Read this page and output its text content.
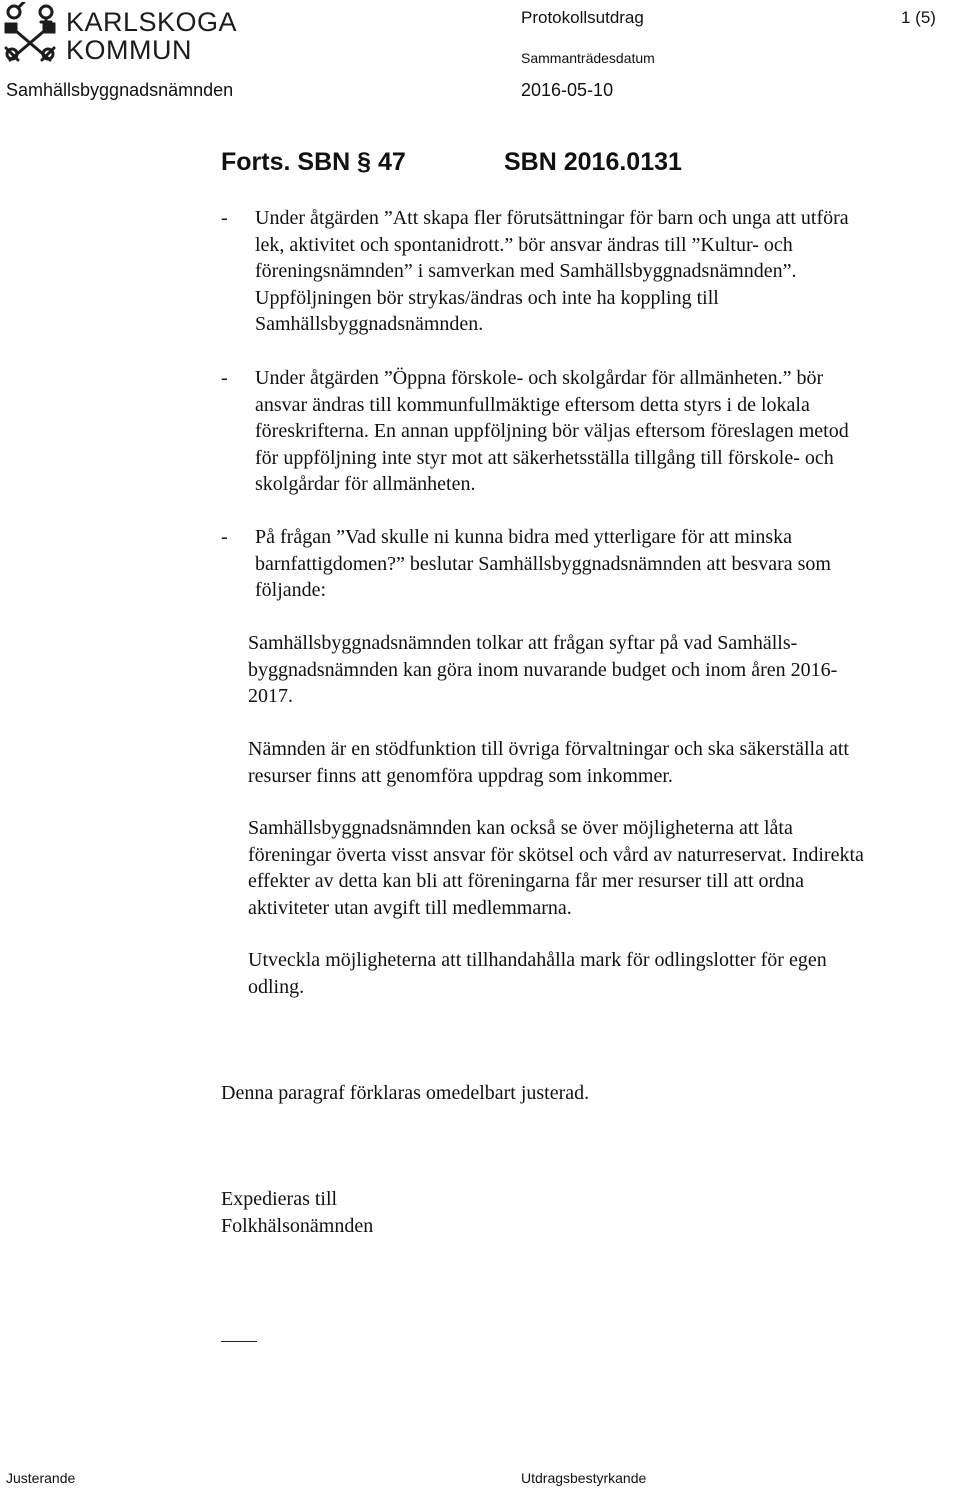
KARLSKOGA
KOMMUN
Protokollsutdrag	1 (5)
Sammanträdesdatum
Samhällsbyggnadsnämnden	2016-05-10
Forts. SBN § 47	SBN 2016.0131
-	Under åtgärden ”Att skapa fler förutsättningar för barn och unga att utföra
lek, aktivitet och spontanidrott.” bör ansvar ändras till ”Kultur- och
föreningsnämnden” i samverkan med Samhällsbyggnadsnämnden”.
Uppföljningen bör strykas/ändras och inte ha koppling till
Samhällsbyggnadsnämnden.
-	Under åtgärden ”Öppna förskole- och skolgårdar för allmänheten.” bör
ansvar ändras till kommunfullmäktige eftersom detta styrs i de lokala
föreskrifterna. En annan uppföljning bör väljas eftersom föreslagen metod
för uppföljning inte styr mot att säkerhetsställa tillgång till förskole- och
skolgårdar för allmänheten.
-	På frågan ”Vad skulle ni kunna bidra med ytterligare för att minska
barnfattigdomen?” beslutar Samhällsbyggnadsnämnden att besvara som
följande:
Samhällsbyggnadsnämnden tolkar att frågan syftar på vad Samhälls-
byggnadsnämnden kan göra inom nuvarande budget och inom åren 2016-
2017.
Nämnden är en stödfunktion till övriga förvaltningar och ska säkerställa att
resurser finns att genomföra uppdrag som inkommer.
Samhällsbyggnadsnämnden kan också se över möjligheterna att låta
föreningar överta visst ansvar för skötsel och vård av naturreservat. Indirekta
effekter av detta kan bli att föreningarna får mer resurser till att ordna
aktiviteter utan avgift till medlemmarna.
Utveckla möjligheterna att tillhandahålla mark för odlingslotter för egen
odling.
Denna paragraf förklaras omedelbart justerad.
Expedieras till
Folkhälsonämnden
Justerande	Utdragsbestyrkande
